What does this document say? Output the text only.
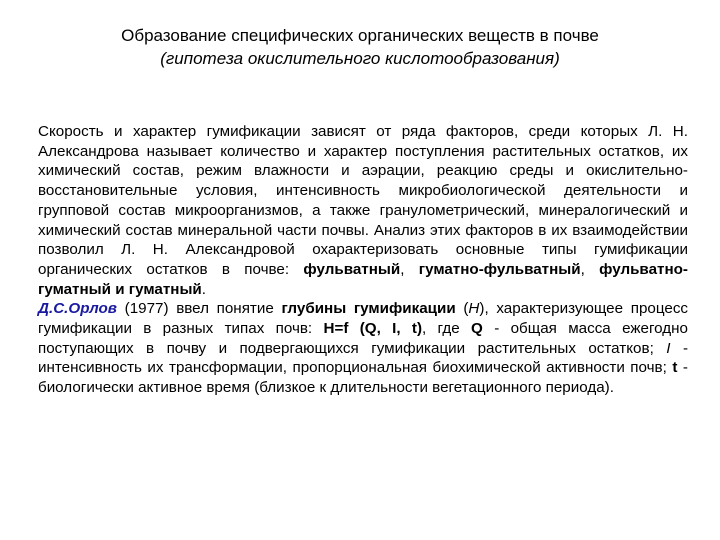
Образование специфических органических веществ в почве
(гипотеза окислительного кислотообразования)

Скорость и характер гумификации зависят от ряда факторов, среди которых Л. Н. Александрова называет количество и характер поступления растительных остатков, их химический состав, режим влажности и аэрации, реакцию среды и окислительно-восстановительные условия, интенсивность микробиологической деятельности и групповой состав микроорганизмов, а также гранулометрический, минералогический и химический состав минеральной части почвы. Анализ этих факторов в их взаимодействии позволил Л. Н. Александровой охарактеризовать основные типы гумификации органических остатков в почве: фульватный, гуматно-фульватный, фульватно-гуматный и гуматный.

Д.С.Орлов (1977) ввел понятие глубины гумификации (Н), характеризующее процесс гумификации в разных типах почв: H=f (Q, I, t), где Q - общая масса ежегодно поступающих в почву и подвергающихся гумификации растительных остатков; I - интенсивность их трансформации, пропорциональная биохимической активности почв; t - биологически активное время (близкое к длительности вегетационного периода).
